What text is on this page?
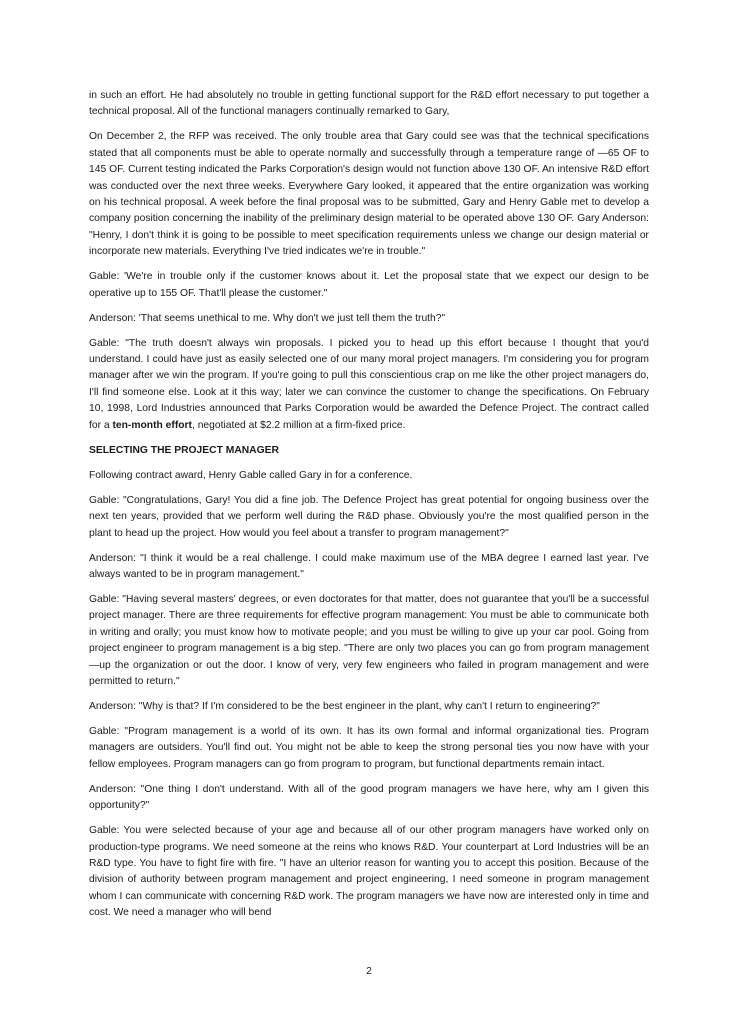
in such an effort. He had absolutely no trouble in getting functional support for the R&D effort necessary to put together a technical proposal. All of the functional managers continually remarked to Gary,

On December 2, the RFP was received. The only trouble area that Gary could see was that the technical specifications stated that all components must be able to operate normally and successfully through a temperature range of —65 OF to 145 OF. Current testing indicated the Parks Corporation's design would not function above 130 OF. An intensive R&D effort was conducted over the next three weeks. Everywhere Gary looked, it appeared that the entire organization was working on his technical proposal. A week before the final proposal was to be submitted, Gary and Henry Gable met to develop a company position concerning the inability of the preliminary design material to be operated above 130 OF. Gary Anderson: "Henry, I don't think it is going to be possible to meet specification requirements unless we change our design material or incorporate new materials. Everything I've tried indicates we're in trouble."

Gable: 'We're in trouble only if the customer knows about it. Let the proposal state that we expect our design to be operative up to 155 OF. That'll please the customer."

Anderson: 'That seems unethical to me. Why don't we just tell them the truth?"

Gable: "The truth doesn't always win proposals. I picked you to head up this effort because I thought that you'd understand. I could have just as easily selected one of our many moral project managers. I'm considering you for program manager after we win the program. If you're going to pull this conscientious crap on me like the other project managers do, I'll find someone else. Look at it this way; later we can convince the customer to change the specifications. On February 10, 1998, Lord Industries announced that Parks Corporation would be awarded the Defence Project. The contract called for a ten-month effort, negotiated at $2.2 million at a firm-fixed price.

SELECTING THE PROJECT MANAGER

Following contract award, Henry Gable called Gary in for a conference.

Gable: "Congratulations, Gary! You did a fine job. The Defence Project has great potential for ongoing business over the next ten years, provided that we perform well during the R&D phase. Obviously you're the most qualified person in the plant to head up the project. How would you feel about a transfer to program management?"

Anderson: "I think it would be a real challenge. I could make maximum use of the MBA degree I earned last year. I've always wanted to be in program management."

Gable: "Having several masters' degrees, or even doctorates for that matter, does not guarantee that you'll be a successful project manager. There are three requirements for effective program management: You must be able to communicate both in writing and orally; you must know how to motivate people; and you must be willing to give up your car pool. Going from project engineer to program management is a big step. "There are only two places you can go from program management—up the organization or out the door. I know of very, very few engineers who failed in program management and were permitted to return."

Anderson: "Why is that? If I'm considered to be the best engineer in the plant, why can't I return to engineering?"

Gable: "Program management is a world of its own. It has its own formal and informal organizational ties. Program managers are outsiders. You'll find out. You might not be able to keep the strong personal ties you now have with your fellow employees. Program managers can go from program to program, but functional departments remain intact.

Anderson: "One thing I don't understand. With all of the good program managers we have here, why am I given this opportunity?"

Gable: You were selected because of your age and because all of our other program managers have worked only on production-type programs. We need someone at the reins who knows R&D. Your counterpart at Lord Industries will be an R&D type. You have to fight fire with fire. "I have an ulterior reason for wanting you to accept this position. Because of the division of authority between program management and project engineering, I need someone in program management whom I can communicate with concerning R&D work. The program managers we have now are interested only in time and cost. We need a manager who will bend

2
